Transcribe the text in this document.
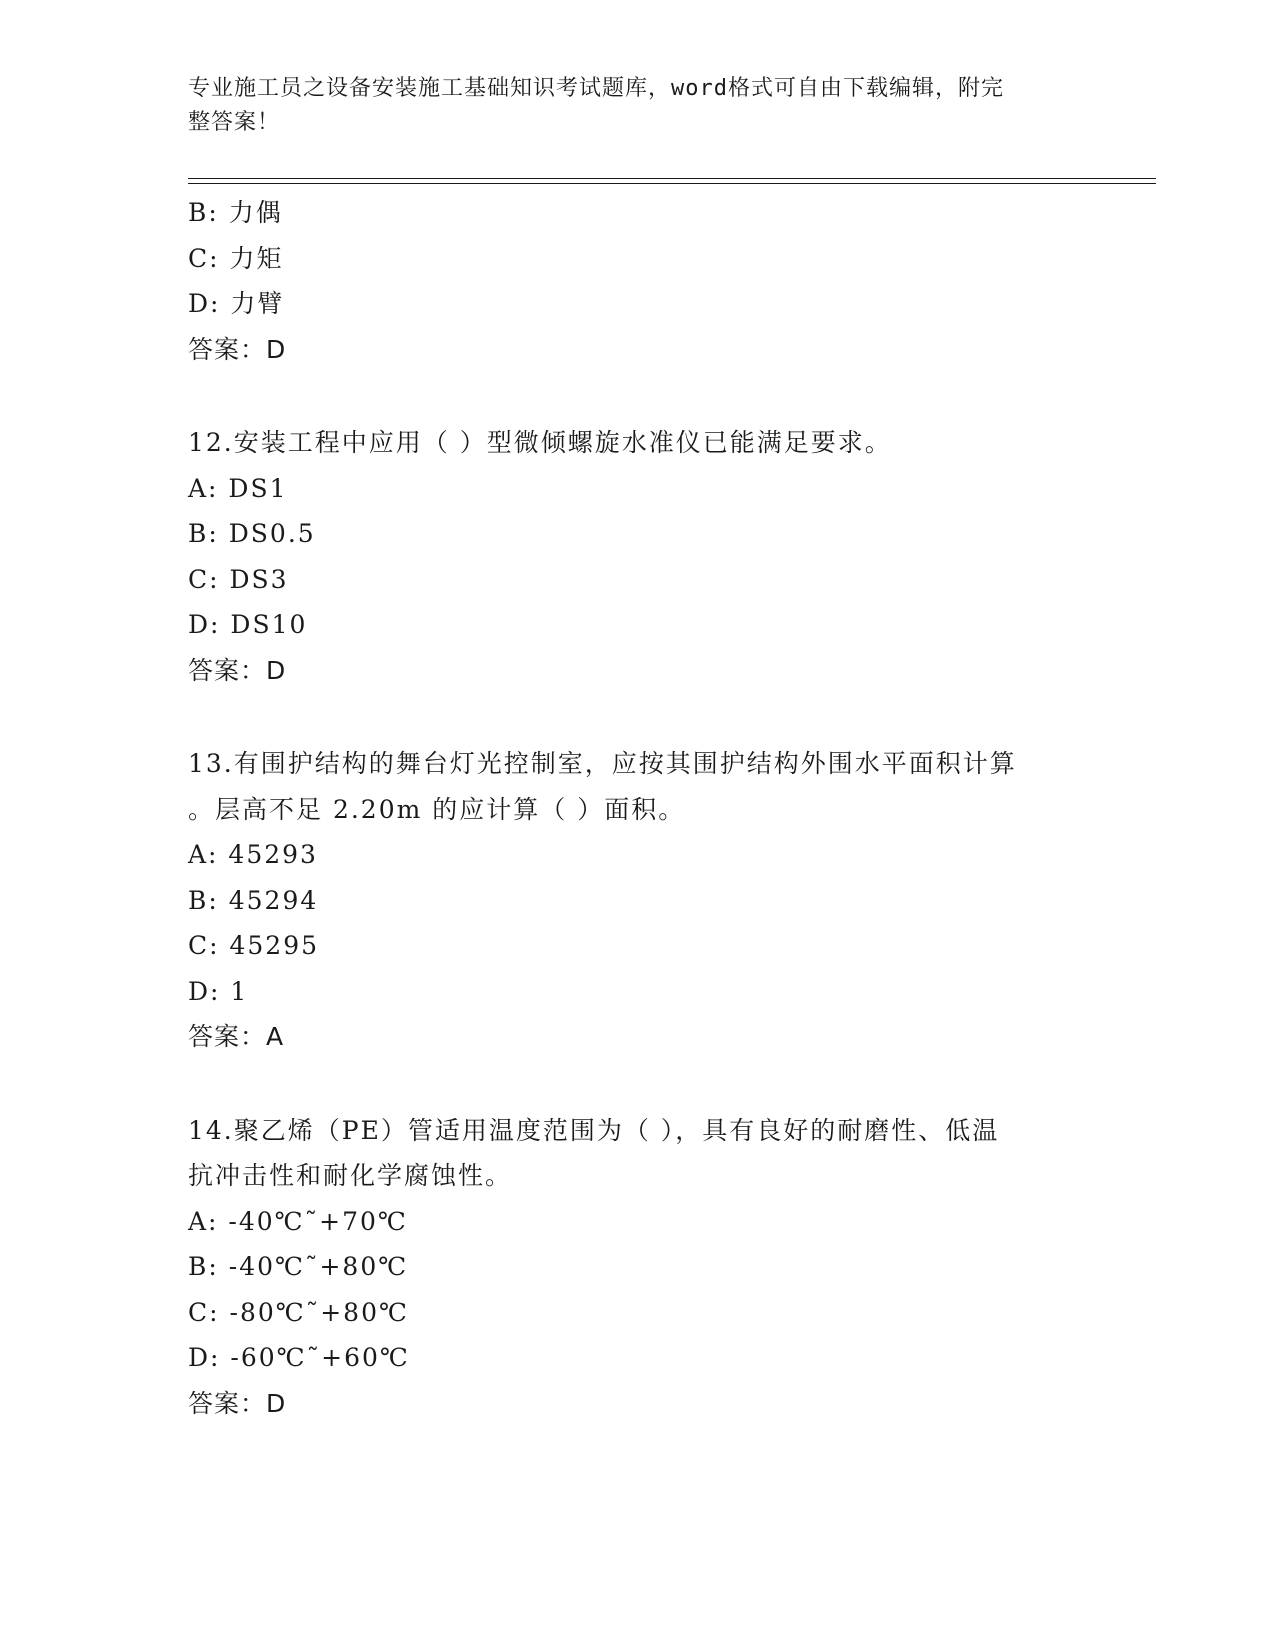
专业施工员之设备安装施工基础知识考试题库，word格式可自由下载编辑，附完
整答案！
B: 力偶
C: 力矩
D: 力臂
答案：D
12.安装工程中应用（ ）型微倾螺旋水准仪已能满足要求。
A: DS1
B: DS0.5
C: DS3
D: DS10
答案：D
13.有围护结构的舞台灯光控制室，应按其围护结构外围水平面积计算
。层高不足 2.20m 的应计算（ ）面积。
A: 45293
B: 45294
C: 45295
D: 1
答案：A
14.聚乙烯（PE）管适用温度范围为（ ），具有良好的耐磨性、低温
抗冲击性和耐化学腐蚀性。
A: -40℃˜+70℃
B: -40℃˜+80℃
C: -80℃˜+80℃
D: -60℃˜+60℃
答案：D
